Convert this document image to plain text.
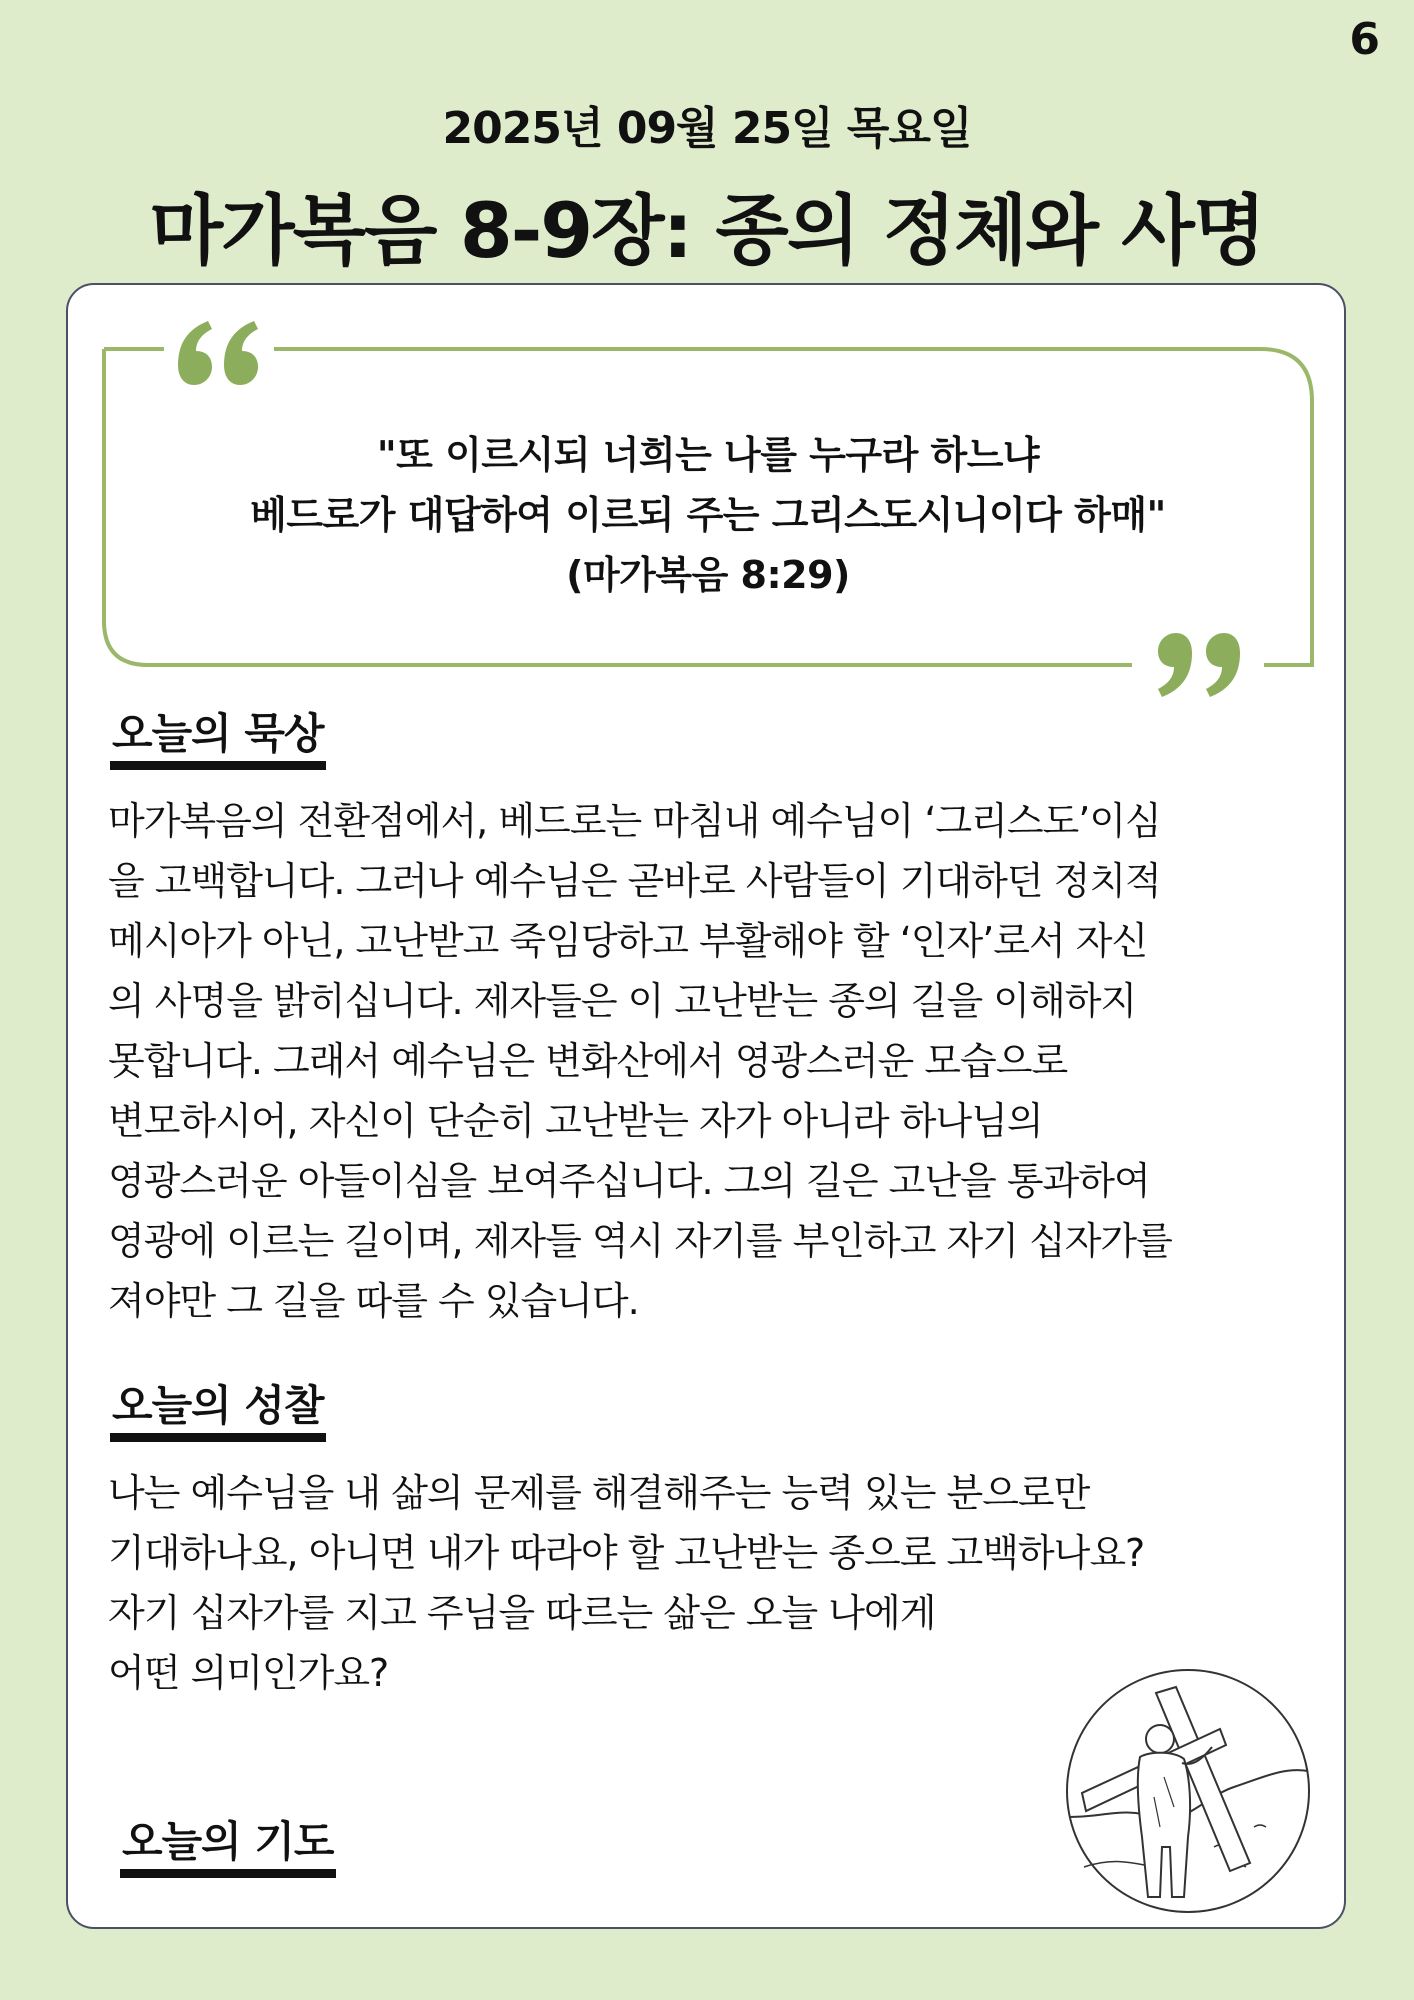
6
2025년 09월 25일 목요일
마가복음 8-9장: 종의 정체와 사명
"또 이르시되 너희는 나를 누구라 하느냐
베드로가 대답하여 이르되 주는 그리스도시니이다 하매"
(마가복음 8:29)
오늘의 묵상
마가복음의 전환점에서, 베드로는 마침내 예수님이 ‘그리스도’이심
을 고백합니다. 그러나 예수님은 곧바로 사람들이 기대하던 정치적
메시아가 아닌, 고난받고 죽임당하고 부활해야 할 ‘인자’로서 자신
의 사명을 밝히십니다. 제자들은 이 고난받는 종의 길을 이해하지
못합니다. 그래서 예수님은 변화산에서 영광스러운 모습으로
변모하시어, 자신이 단순히 고난받는 자가 아니라 하나님의
영광스러운 아들이심을 보여주십니다. 그의 길은 고난을 통과하여
영광에 이르는 길이며, 제자들 역시 자기를 부인하고 자기 십자가를
져야만 그 길을 따를 수 있습니다.
오늘의 성찰
나는 예수님을 내 삶의 문제를 해결해주는 능력 있는 분으로만
기대하나요, 아니면 내가 따라야 할 고난받는 종으로 고백하나요?
자기 십자가를 지고 주님을 따르는 삶은 오늘 나에게
어떤 의미인가요?
오늘의 기도
